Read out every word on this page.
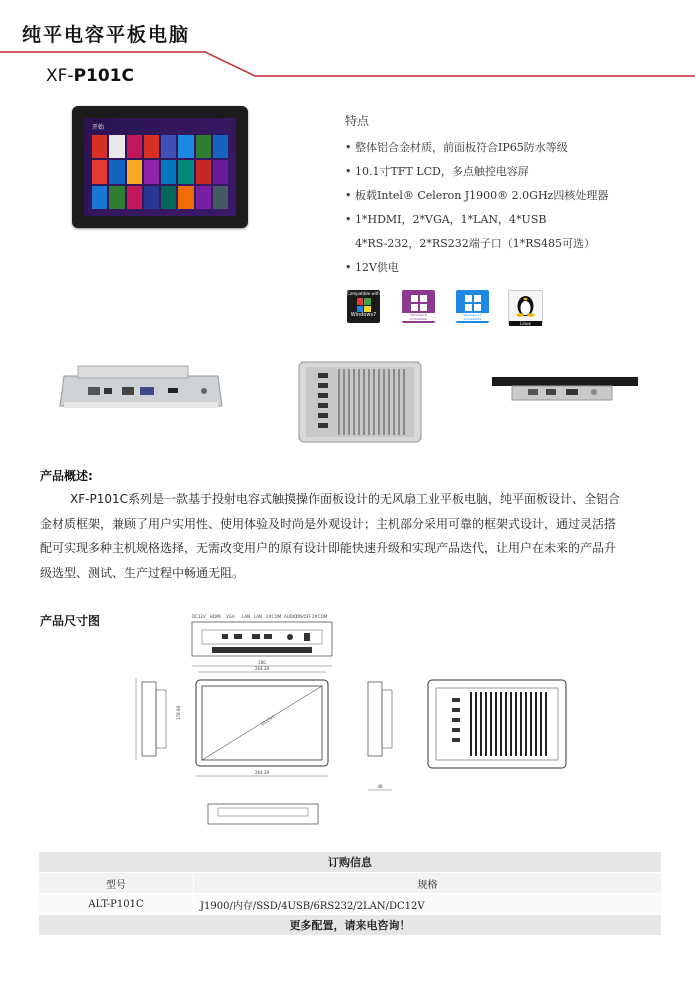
纯平电容平板电脑
XF-P101C
开始	特点
• 整体铝合金材质，前面板符合IP65防水等级
• 10.1寸TFT LCD，多点触控电容屏
• 板载Intel® Celeron J1900® 2.0GHz四核处理器
• 1*HDMI，2*VGA，1*LAN，4*USB
4*RS-232，2*RS232端子口（1*RS485可选）
• 12V供电
Compatible with
Windows7	Windows 8 Compatible
Windows 10 Compatible
Linux
产品概述:
XF-P101C系列是一款基于投射电容式触摸操作面板设计的无风扇工业平板电脑，纯平面板设计、全铝合金材质框架，兼顾了用户实用性、使用体验及时尚是外观设计；主机部分采用可靠的框架式设计，通过灵活搭配可实现多种主机规格选择，无需改变用户的原有设计即能快速升级和实现产品迭代，让用户在未来的产品升级选型、测试、生产过程中畅通无阻。
产品尺寸图	DC12V HDMI VGA LAN LAN 2#COM AUDIOON/OFF2#COM
280
264.28
178.98
10.1TFT
264.28
48
订购信息	
型号	规格
ALT-P101C	J1900/内存/SSD/4USB/6RS232/2LAN/DC12V
更多配置，请来电咨询！	
